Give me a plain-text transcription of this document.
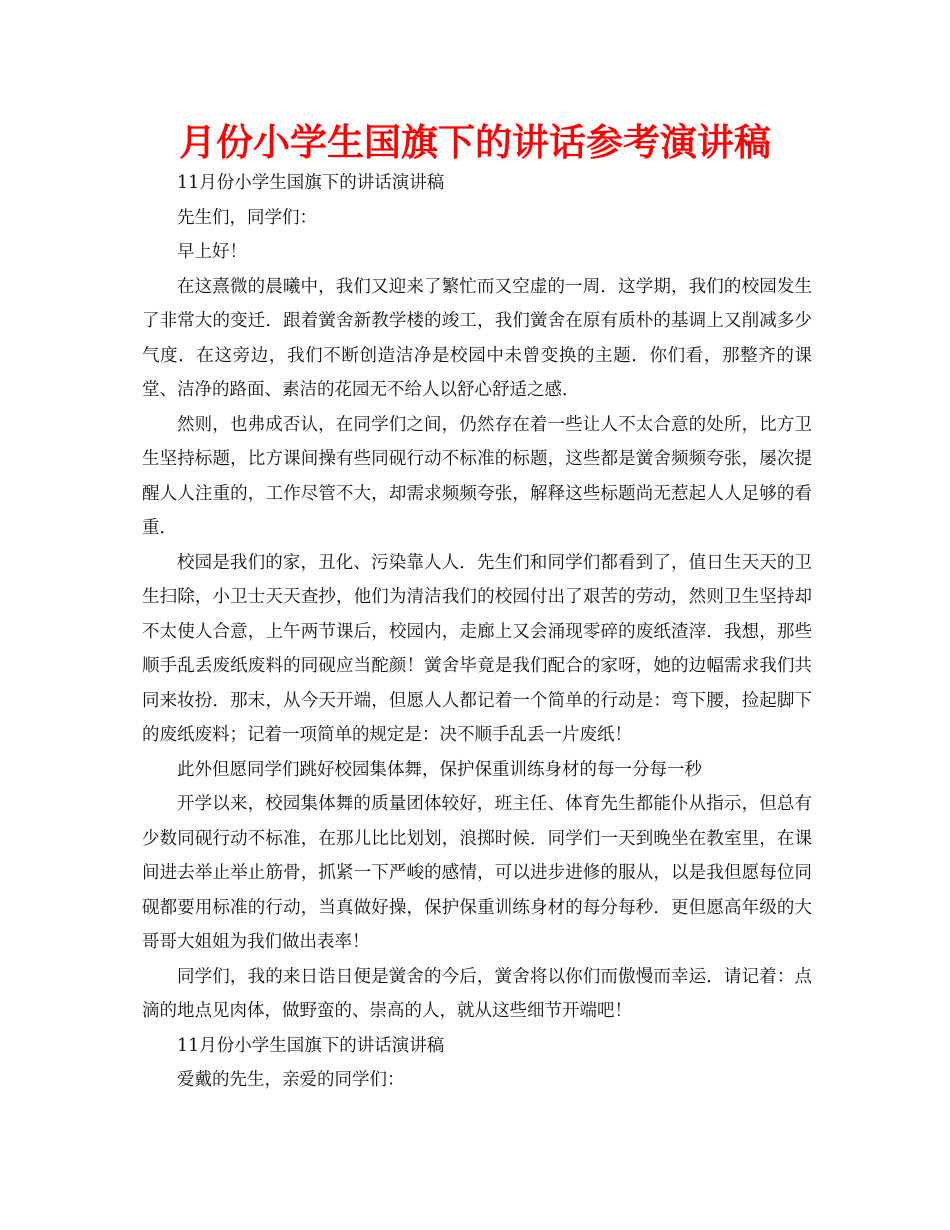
月份小学生国旗下的讲话参考演讲稿

11月份小学生国旗下的讲话演讲稿

先生们，同学们：

早上好！

在这熹微的晨曦中，我们又迎来了繁忙而又空虚的一周．这学期，我们的校园发生了非常大的变迁．跟着黉舍新教学楼的竣工，我们黉舍在原有质朴的基调上又削减多少气度．在这旁边，我们不断创造洁净是校园中未曾变换的主题．你们看，那整齐的课堂、洁净的路面、素洁的花园无不给人以舒心舒适之感．

然则，也弗成否认，在同学们之间，仍然存在着一些让人不太合意的处所，比方卫生坚持标题，比方课间操有些同砚行动不标准的标题，这些都是黉舍频频夸张，屡次提醒人人注重的，工作尽管不大，却需求频频夸张，解释这些标题尚无惹起人人足够的看重．

校园是我们的家，丑化、污染靠人人．先生们和同学们都看到了，值日生天天的卫生扫除，小卫士天天查抄，他们为清洁我们的校园付出了艰苦的劳动，然则卫生坚持却不太使人合意，上午两节课后，校园内，走廊上又会涌现零碎的废纸渣滓．我想，那些顺手乱丢废纸废料的同砚应当酡颜！黉舍毕竟是我们配合的家呀，她的边幅需求我们共同来妆扮．那末，从今天开端，但愿人人都记着一个简单的行动是：弯下腰，捡起脚下的废纸废料；记着一项简单的规定是：决不顺手乱丢一片废纸！

此外但愿同学们跳好校园集体舞，保护保重训练身材的每一分每一秒

开学以来，校园集体舞的质量团体较好，班主任、体育先生都能仆从指示，但总有少数同砚行动不标准，在那儿比比划划，浪掷时候．同学们一天到晚坐在教室里，在课间进去举止举止筋骨，抓紧一下严峻的感情，可以进步进修的服从，以是我但愿每位同砚都要用标准的行动，当真做好操，保护保重训练身材的每分每秒．更但愿高年级的大哥哥大姐姐为我们做出表率！

同学们，我的来日诰日便是黉舍的今后，黉舍将以你们而傲慢而幸运．请记着：点滴的地点见肉体，做野蛮的、崇高的人，就从这些细节开端吧！

11月份小学生国旗下的讲话演讲稿

爱戴的先生，亲爱的同学们：
